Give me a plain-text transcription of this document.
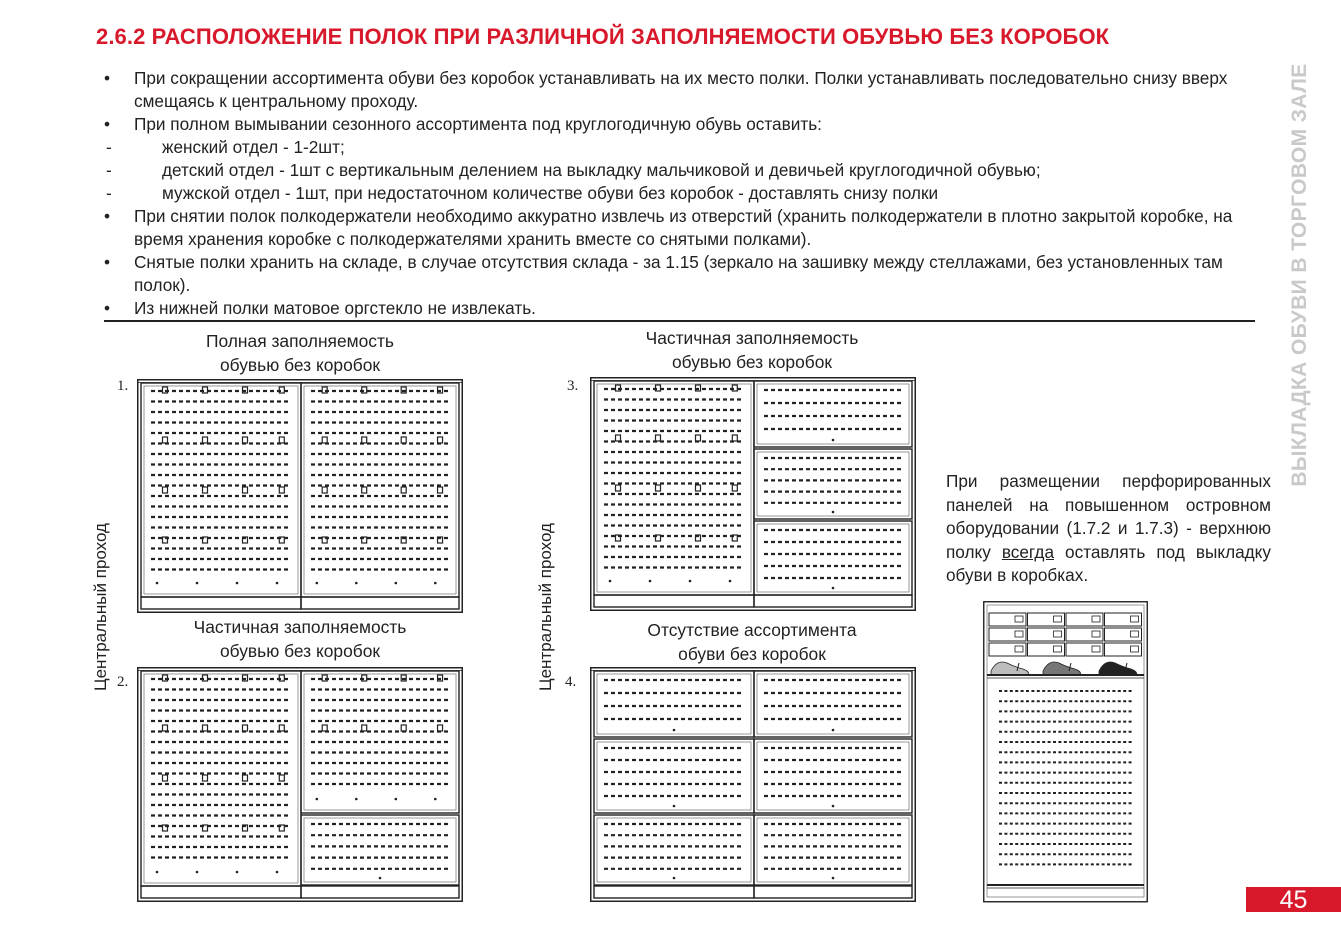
2.6.2 РАСПОЛОЖЕНИЕ ПОЛОК ПРИ РАЗЛИЧНОЙ ЗАПОЛНЯЕМОСТИ ОБУВЬЮ БЕЗ КОРОБОК
• При сокращении ассортимента обуви без коробок устанавливать на их место полки. Полки устанавливать последовательно снизу вверх смещаясь к центральному проходу.
• При полном вымывании сезонного ассортимента под круглогодичную обувь оставить:
-	женский отдел - 1-2шт;
-	детский отдел - 1шт с вертикальным делением на выкладку мальчиковой и девичьей круглогодичной обувью;
-	мужской отдел - 1шт, при недостаточном количестве обуви без коробок - доставлять снизу полки
• При снятии полок полкодержатели необходимо аккуратно извлечь из отверстий (хранить полкодержатели в плотно закрытой коробке, на время хранения коробке с полкодержателями хранить вместе со снятыми полками).
• Снятые полки хранить на складе, в случае отсутствия склада - за 1.15 (зеркало на зашивку между стеллажами, без установленных там полок).
• Из нижней полки матовое оргстекло не извлекать.	ВЫКЛАДКА ОБУВИ В ТОРГОВОМ ЗАЛЕ
Центральный проход	Центральный проход
Полная заполняемость
обувью без коробок
Частичная заполняемость
обувью без коробок
Частичная заполняемость
обувью без коробок
Отсутствие ассортимента
обуви без коробок
1.
2.
3.
4.
При размещении перфорированных панелей на повышенном островном оборудовании (1.7.2 и 1.7.3) - верхнюю полку всегда оставлять под выкладку обуви в коробках.
45
